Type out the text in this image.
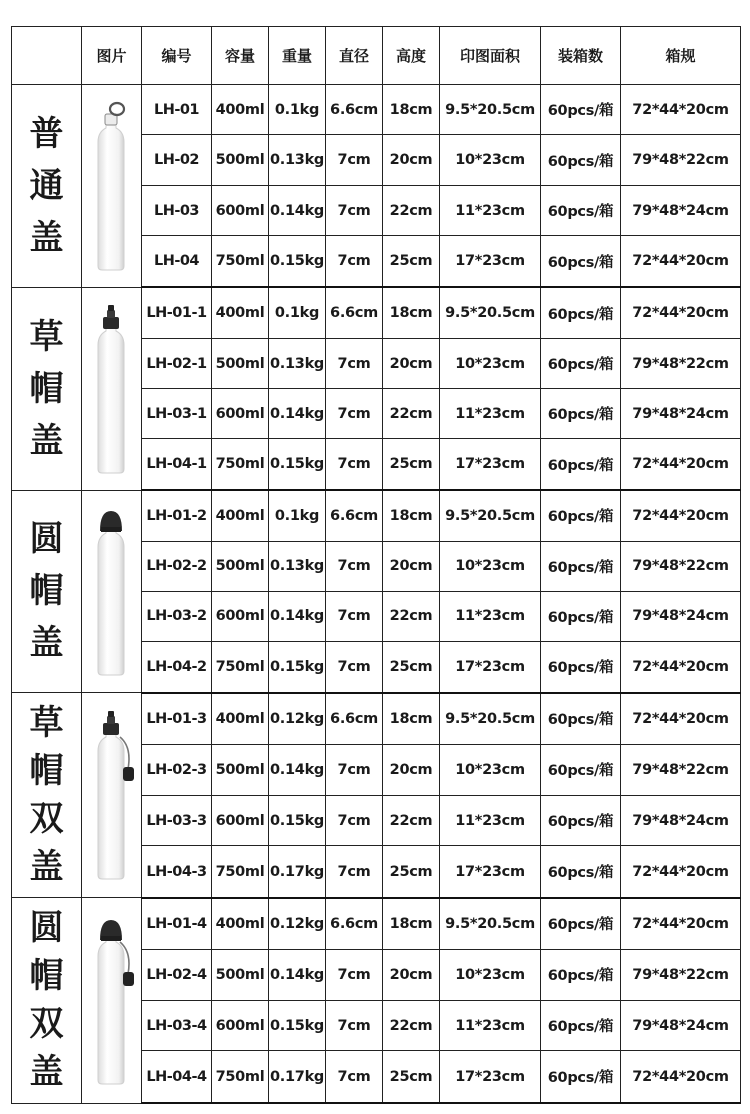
	图片	编号	容量	重量	直径	高度	印图面积	装箱数	箱规

普
通
盖		LH-01	400ml	0.1kg	6.6cm	18cm	9.5*20.5cm	60pcs/箱	72*44*20cm
		LH-02	500ml	0.13kg	7cm	20cm	10*23cm	60pcs/箱	79*48*22cm
		LH-03	600ml	0.14kg	7cm	22cm	11*23cm	60pcs/箱	79*48*24cm
		LH-04	750ml	0.15kg	7cm	25cm	17*23cm	60pcs/箱	72*44*20cm

草
帽
盖		LH-01-1	400ml	0.1kg	6.6cm	18cm	9.5*20.5cm	60pcs/箱	72*44*20cm
		LH-02-1	500ml	0.13kg	7cm	20cm	10*23cm	60pcs/箱	79*48*22cm
		LH-03-1	600ml	0.14kg	7cm	22cm	11*23cm	60pcs/箱	79*48*24cm
		LH-04-1	750ml	0.15kg	7cm	25cm	17*23cm	60pcs/箱	72*44*20cm

圆
帽
盖		LH-01-2	400ml	0.1kg	6.6cm	18cm	9.5*20.5cm	60pcs/箱	72*44*20cm
		LH-02-2	500ml	0.13kg	7cm	20cm	10*23cm	60pcs/箱	79*48*22cm
		LH-03-2	600ml	0.14kg	7cm	22cm	11*23cm	60pcs/箱	79*48*24cm
		LH-04-2	750ml	0.15kg	7cm	25cm	17*23cm	60pcs/箱	72*44*20cm

草
帽
双
盖		LH-01-3	400ml	0.12kg	6.6cm	18cm	9.5*20.5cm	60pcs/箱	72*44*20cm
		LH-02-3	500ml	0.14kg	7cm	20cm	10*23cm	60pcs/箱	79*48*22cm
		LH-03-3	600ml	0.15kg	7cm	22cm	11*23cm	60pcs/箱	79*48*24cm
		LH-04-3	750ml	0.17kg	7cm	25cm	17*23cm	60pcs/箱	72*44*20cm

圆
帽
双
盖		LH-01-4	400ml	0.12kg	6.6cm	18cm	9.5*20.5cm	60pcs/箱	72*44*20cm
		LH-02-4	500ml	0.14kg	7cm	20cm	10*23cm	60pcs/箱	79*48*22cm
		LH-03-4	600ml	0.15kg	7cm	22cm	11*23cm	60pcs/箱	79*48*24cm
		LH-04-4	750ml	0.17kg	7cm	25cm	17*23cm	60pcs/箱	72*44*20cm
